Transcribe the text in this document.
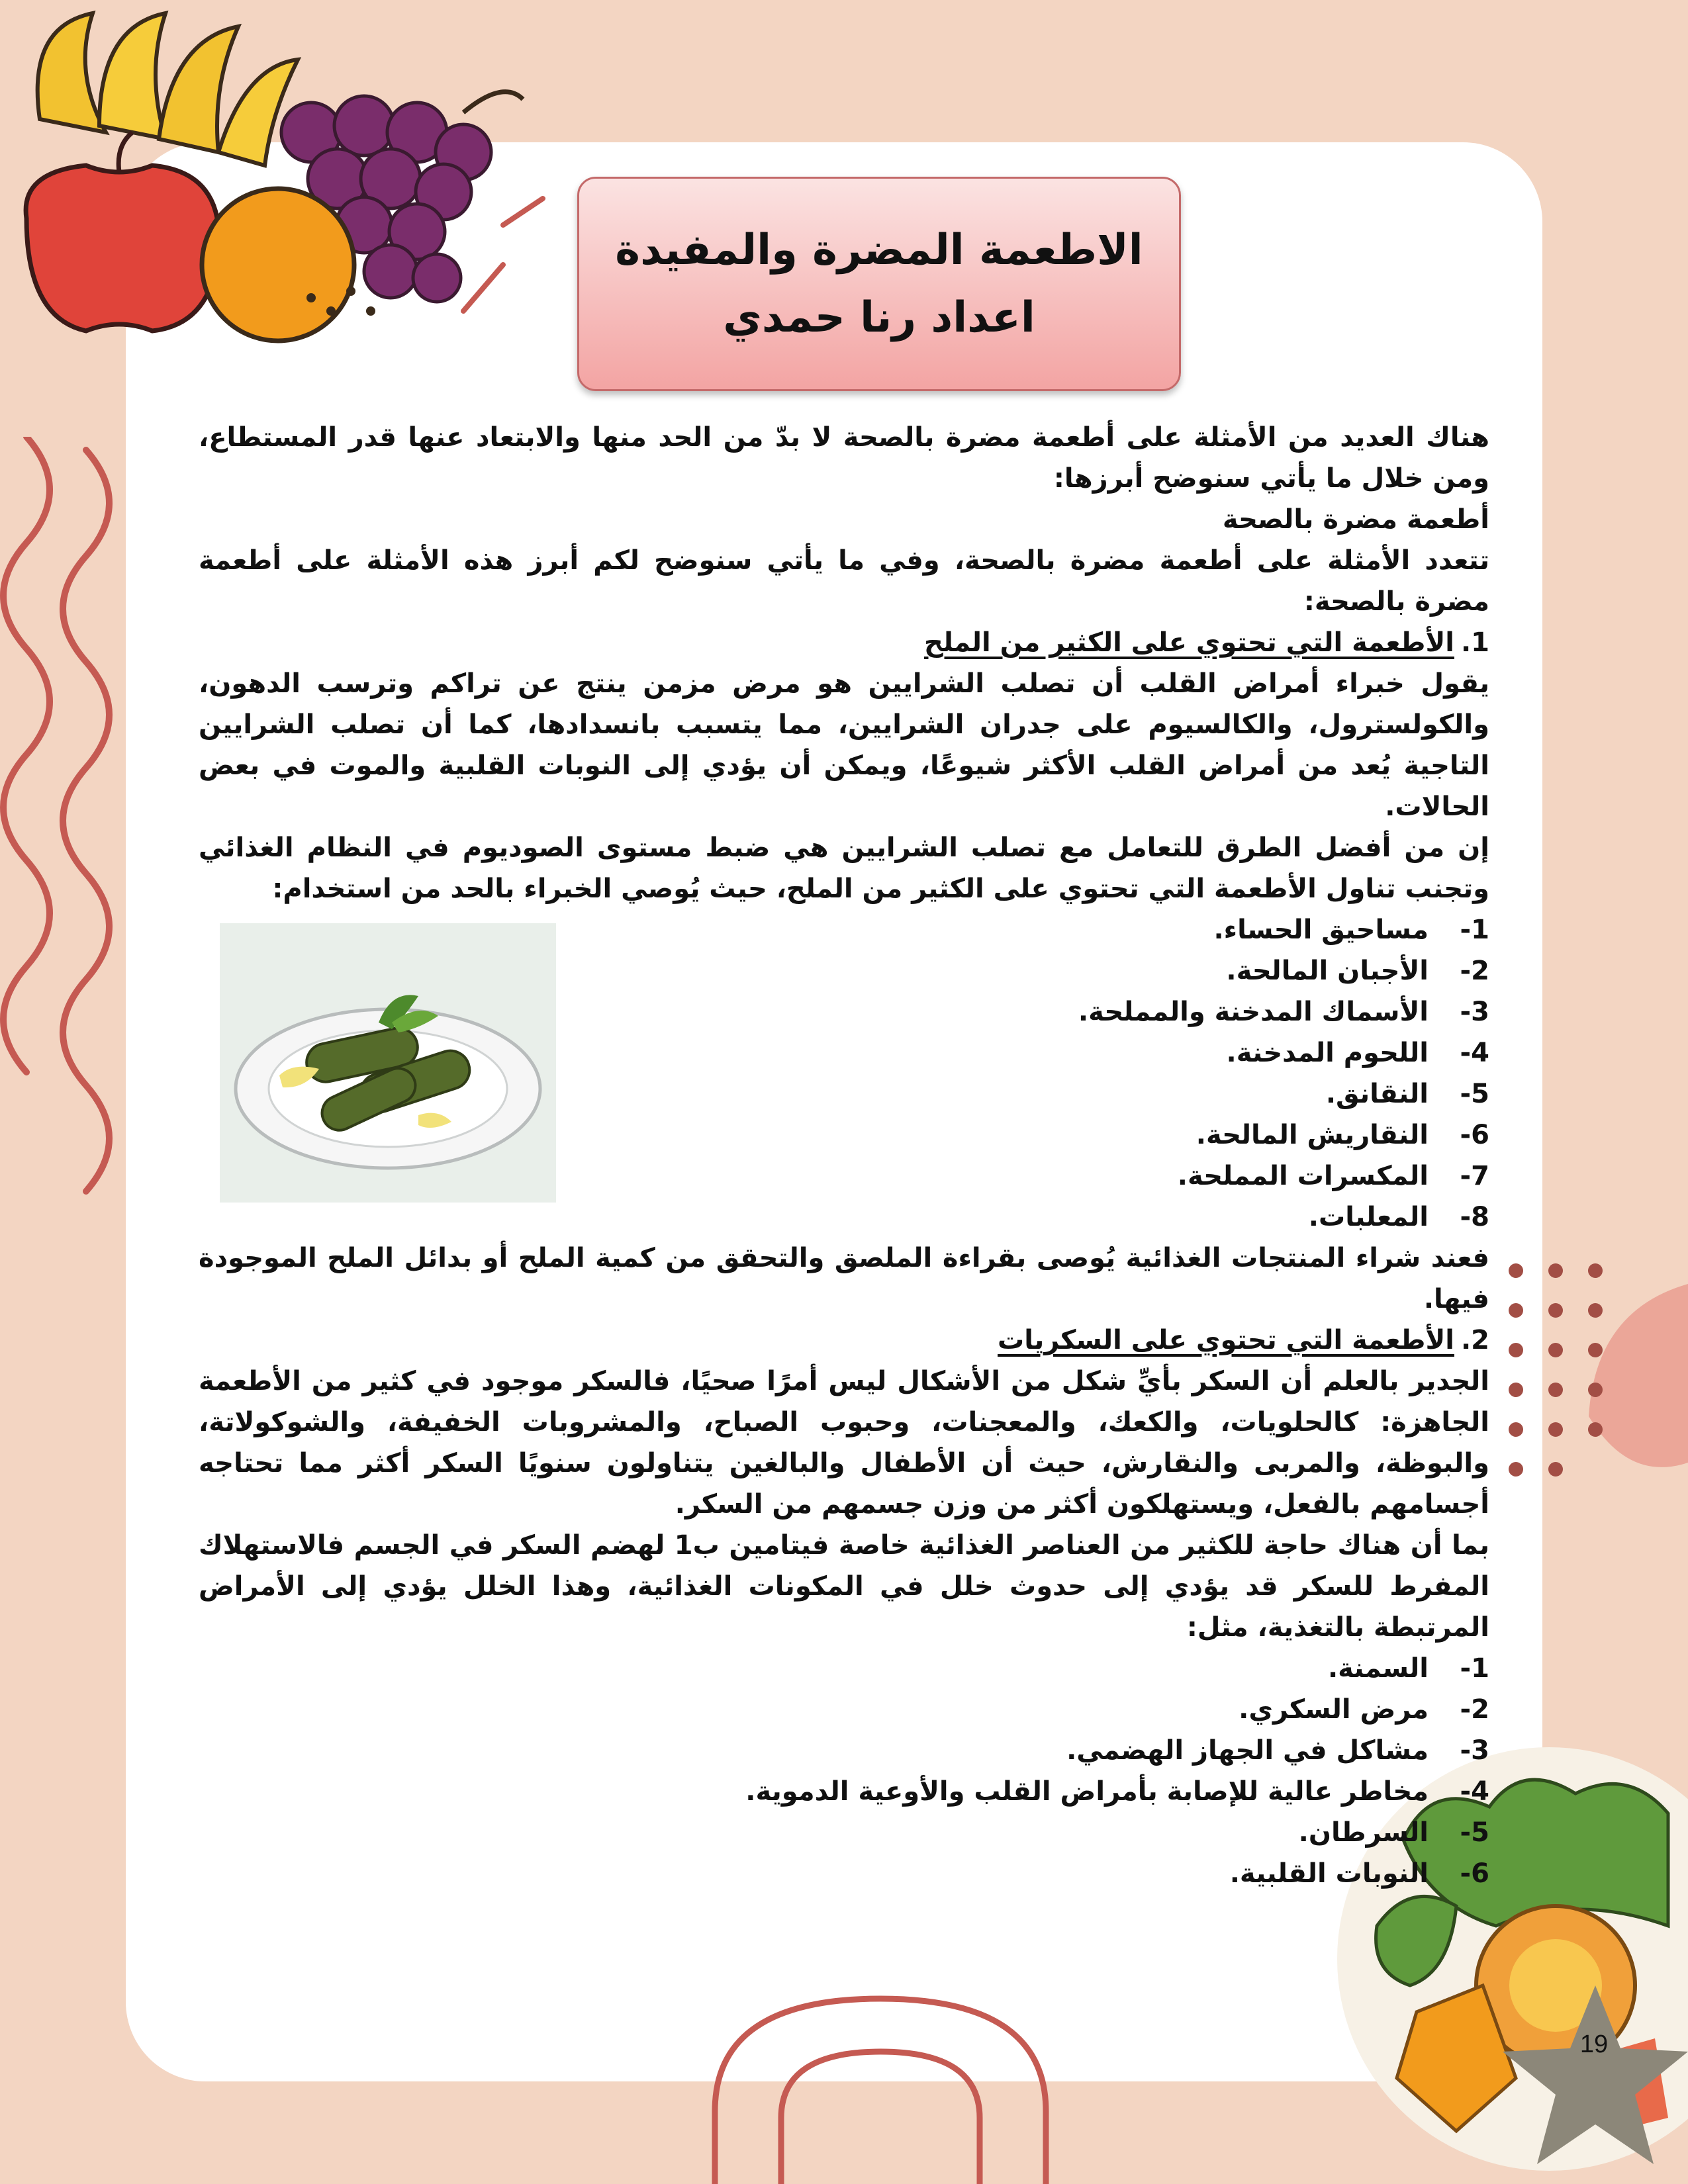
19
الاطعمة المضرة والمفيدة
اعداد رنا حمدي

هناك العديد من الأمثلة على أطعمة مضرة بالصحة لا بدّ من الحد منها والابتعاد عنها قدر المستطاع، ومن خلال ما يأتي سنوضح أبرزها:

أطعمة مضرة بالصحة

تتعدد الأمثلة على أطعمة مضرة بالصحة، وفي ما يأتي سنوضح لكم أبرز هذه الأمثلة على أطعمة مضرة بالصحة:

1.الأطعمة التي تحتوي على الكثير من الملح

يقول خبراء أمراض القلب أن تصلب الشرايين هو مرض مزمن ينتج عن تراكم وترسب الدهون، والكولسترول، والكالسيوم على جدران الشرايين، مما يتسبب بانسدادها، كما أن تصلب الشرايين التاجية يُعد من أمراض القلب الأكثر شيوعًا، ويمكن أن يؤدي إلى النوبات القلبية والموت في بعض الحالات.

إن من أفضل الطرق للتعامل مع تصلب الشرايين هي ضبط مستوى الصوديوم في النظام الغذائي وتجنب تناول الأطعمة التي تحتوي على الكثير من الملح، حيث يُوصي الخبراء بالحد من استخدام:

1-
مساحيق الحساء.
2-
الأجبان المالحة.
3-
الأسماك المدخنة والمملحة.
4-
اللحوم المدخنة.
5-
النقانق.
6-
النقاريش المالحة.
7-
المكسرات المملحة.
8-
المعلبات.

فعند شراء المنتجات الغذائية يُوصى بقراءة الملصق والتحقق من كمية الملح أو بدائل الملح الموجودة فيها.

2.الأطعمة التي تحتوي على السكريات

الجدير بالعلم أن السكر بأيِّ شكل من الأشكال ليس أمرًا صحيًا، فالسكر موجود في كثير من الأطعمة الجاهزة: كالحلويات، والكعك، والمعجنات، وحبوب الصباح، والمشروبات الخفيفة، والشوكولاتة، والبوظة، والمربى والنقارش، حيث أن الأطفال والبالغين يتناولون سنويًا السكر أكثر مما تحتاجه أجسامهم بالفعل، ويستهلكون أكثر من وزن جسمهم من السكر.

بما أن هناك حاجة للكثير من العناصر الغذائية خاصة فيتامين ب1 لهضم السكر في الجسم فالاستهلاك المفرط للسكر قد يؤدي إلى حدوث خلل في المكونات الغذائية، وهذا الخلل يؤدي إلى الأمراض المرتبطة بالتغذية، مثل:

1-
السمنة.
2-
مرض السكري.
3-
مشاكل في الجهاز الهضمي.
4-
مخاطر عالية للإصابة بأمراض القلب والأوعية الدموية.
5-
السرطان.
6-
النوبات القلبية.
